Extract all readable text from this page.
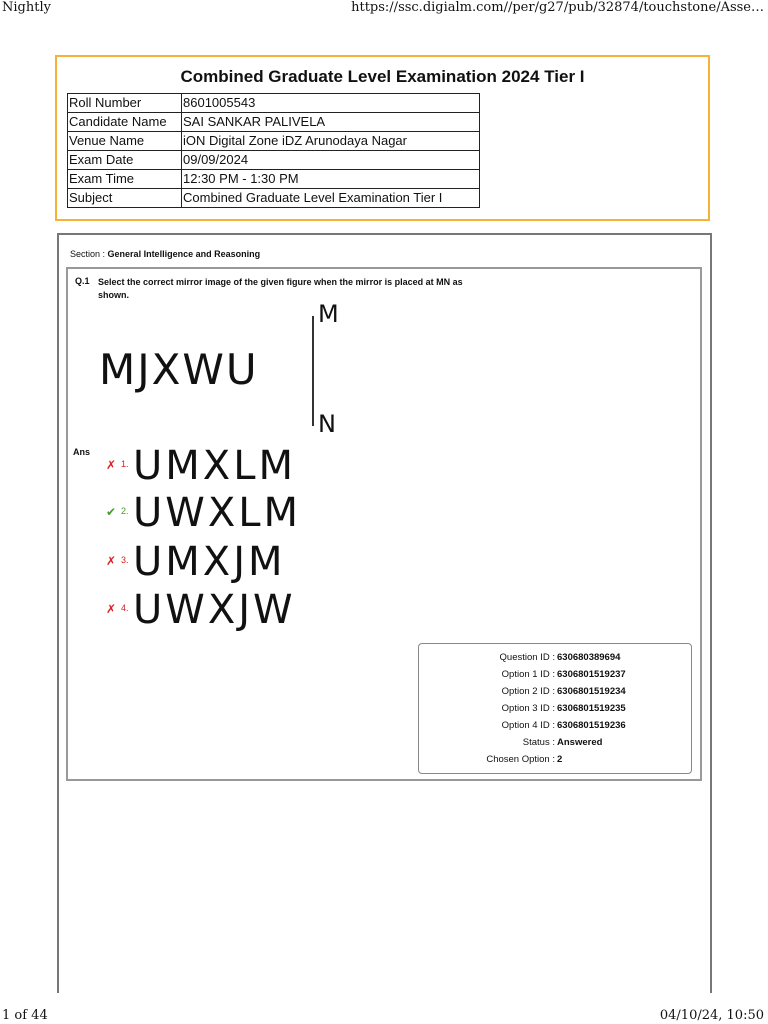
Nightly	https://ssc.digialm.com//per/g27/pub/32874/touchstone/Asse…
Combined Graduate Level Examination 2024 Tier I
Roll Number	8601005543
Candidate Name	SAI SANKAR PALIVELA
Venue Name	iON Digital Zone iDZ Arunodaya Nagar
Exam Date	09/09/2024
Exam Time	12:30 PM - 1:30 PM
Subject	Combined Graduate Level Examination Tier I
Section : General Intelligence and Reasoning
Q.1 Select the correct mirror image of the given figure when the mirror is placed at MN as shown.
MJXWU
M
N
Ans
✗ 1. UMXLM
✔ 2. UWXLM
✗ 3. UMXJM
✗ 4. UWXJW
Question ID : 630680389694
Option 1 ID : 6306801519237
Option 2 ID : 6306801519234
Option 3 ID : 6306801519235
Option 4 ID : 6306801519236
Status : Answered
Chosen Option : 2
1 of 44	04/10/24, 10:50
